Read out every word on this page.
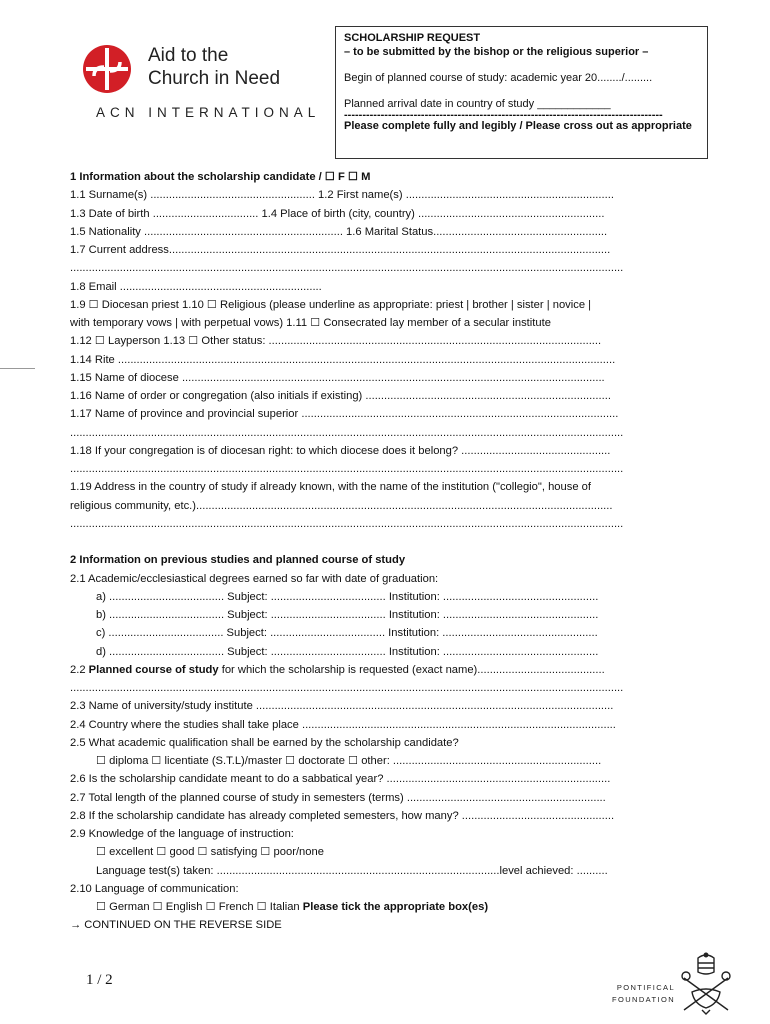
Aid to the
Church in Need
ACN INTERNATIONAL

SCHOLARSHIP REQUEST

– to be submitted by the bishop or the religious superior –

Begin of planned course of study: academic year 20......../.........

Planned arrival date in country of study ____________

---------------------------------------------------------------------------------------

Please complete fully and legibly / Please cross out as appropriate

1 Information about the scholarship candidate / ☐ F ☐ M
1.1 Surname(s) ..................................................... 1.2 First name(s) ...................................................................
1.3 Date of birth .................................. 1.4 Place of birth (city, country) ............................................................
1.5 Nationality ................................................................ 1.6 Marital Status........................................................
1.7 Current address..............................................................................................................................................
..................................................................................................................................................................................
1.8 Email .................................................................
1.9 ☐ Diocesan priest 1.10 ☐ Religious (please underline as appropriate: priest | brother | sister | novice |
with temporary vows | with perpetual vows) 1.11 ☐ Consecrated lay member of a secular institute
1.12 ☐ Layperson 1.13 ☐ Other status: ...........................................................................................................
1.14 Rite ................................................................................................................................................................
1.15 Name of diocese ........................................................................................................................................
1.16 Name of order or congregation (also initials if existing) ...............................................................................
1.17 Name of province and provincial superior ......................................................................................................
..................................................................................................................................................................................
1.18 If your congregation is of diocesan right: to which diocese does it belong? ................................................
..................................................................................................................................................................................
1.19 Address in the country of study if already known, with the name of the institution ("collegio", house of
religious community, etc.)......................................................................................................................................
..................................................................................................................................................................................
2 Information on previous studies and planned course of study
2.1 Academic/ecclesiastical degrees earned so far with date of graduation:
a) ..................................... Subject: ..................................... Institution: ..................................................
b) ..................................... Subject: ..................................... Institution: ..................................................
c) ..................................... Subject: ..................................... Institution: ..................................................
d) ..................................... Subject: ..................................... Institution: ..................................................
2.2 Planned course of study for which the scholarship is requested (exact name).........................................
..................................................................................................................................................................................
2.3 Name of university/study institute ...................................................................................................................
2.4 Country where the studies shall take place .....................................................................................................
2.5 What academic qualification shall be earned by the scholarship candidate?
☐ diploma ☐ licentiate (S.T.L)/master ☐ doctorate ☐ other: ...................................................................
2.6 Is the scholarship candidate meant to do a sabbatical year? ........................................................................
2.7 Total length of the planned course of study in semesters (terms) ................................................................
2.8 If the scholarship candidate has already completed semesters, how many? .................................................
2.9 Knowledge of the language of instruction:
☐ excellent ☐ good ☐ satisfying ☐ poor/none
Language test(s) taken: ...........................................................................................level achieved: ..........
2.10 Language of communication:
☐ German ☐ English ☐ French ☐ Italian Please tick the appropriate box(es)
→ CONTINUED ON THE REVERSE SIDE
1 / 2	PONTIFICAL
FOUNDATION
